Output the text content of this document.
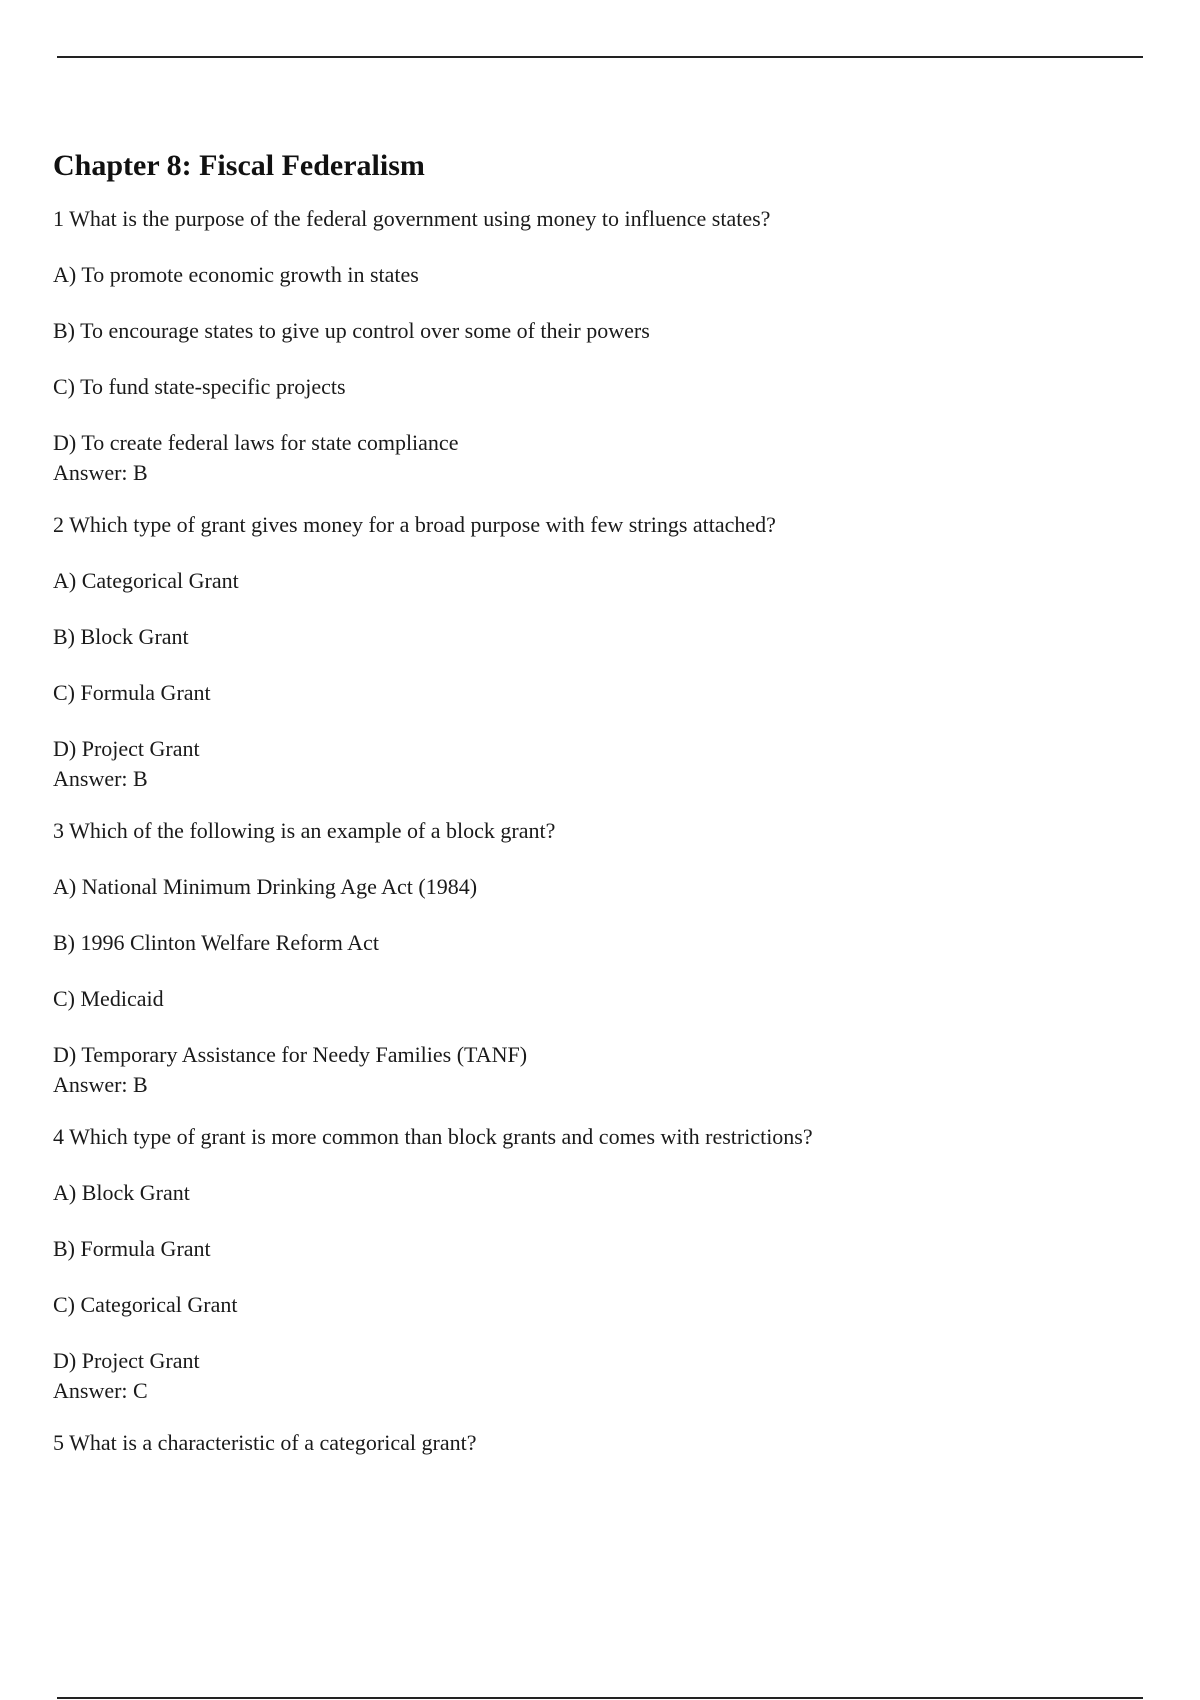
Chapter 8: Fiscal Federalism

1 What is the purpose of the federal government using money to influence states?

A) To promote economic growth in states

B) To encourage states to give up control over some of their powers

C) To fund state-specific projects

D) To create federal laws for state compliance

Answer: B

2 Which type of grant gives money for a broad purpose with few strings attached?

A) Categorical Grant

B) Block Grant

C) Formula Grant

D) Project Grant

Answer: B

3 Which of the following is an example of a block grant?

A) National Minimum Drinking Age Act (1984)

B) 1996 Clinton Welfare Reform Act

C) Medicaid

D) Temporary Assistance for Needy Families (TANF)

Answer: B

4 Which type of grant is more common than block grants and comes with restrictions?

A) Block Grant

B) Formula Grant

C) Categorical Grant

D) Project Grant

Answer: C

5 What is a characteristic of a categorical grant?
